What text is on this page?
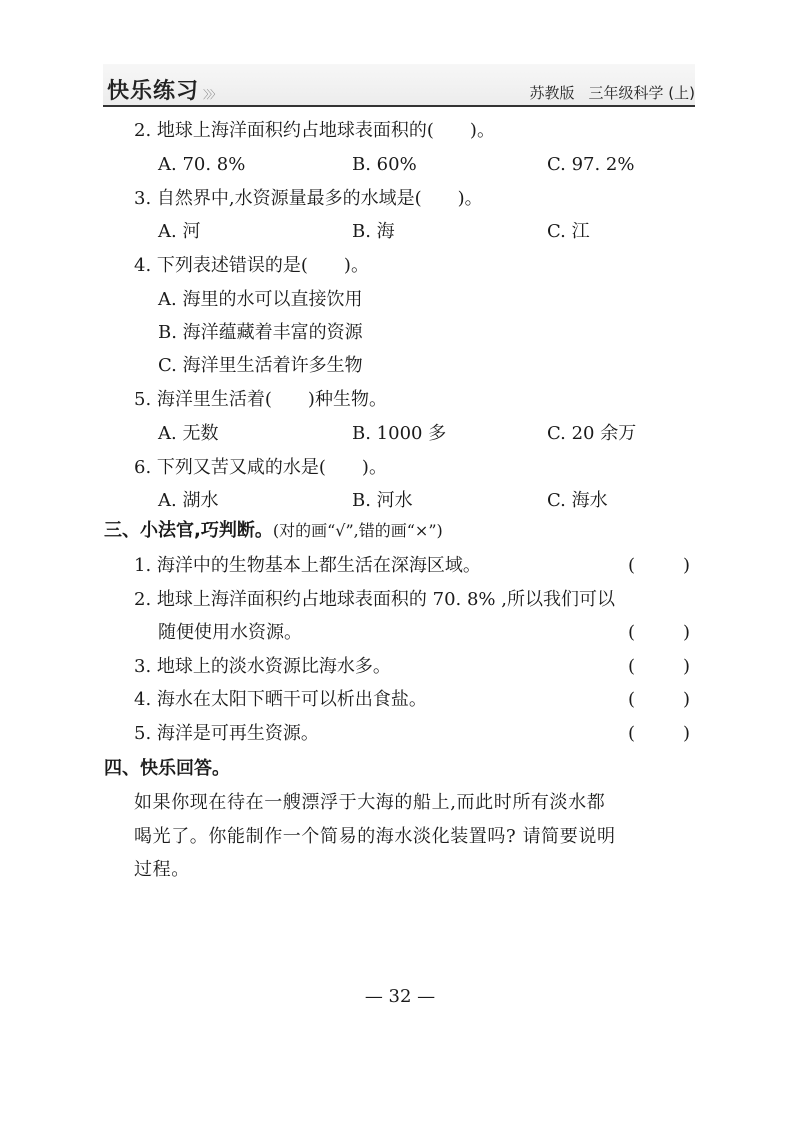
快乐练习 〉〉〉	苏教版 三年级科学 (上)
2. 地球上海洋面积约占地球表面积的(　　)。
A. 70. 8%	B. 60%	C. 97. 2%
3. 自然界中,水资源量最多的水域是(　　)。
A. 河	B. 海	C. 江
4. 下列表述错误的是(　　)。
A. 海里的水可以直接饮用
B. 海洋蕴藏着丰富的资源
C. 海洋里生活着许多生物
5. 海洋里生活着(　　)种生物。
A. 无数	B. 1000 多	C. 20 余万
6. 下列又苦又咸的水是(　　)。
A. 湖水	B. 河水	C. 海水
三、小法官,巧判断。(对的画“√”,错的画“×”)
1. 海洋中的生物基本上都生活在深海区域。	(	)
2. 地球上海洋面积约占地球表面积的 70. 8% ,所以我们可以
随便使用水资源。	(	)
3. 地球上的淡水资源比海水多。	(	)
4. 海水在太阳下晒干可以析出食盐。	(	)
5. 海洋是可再生资源。	(	)
四、快乐回答。
如果你现在待在一艘漂浮于大海的船上,而此时所有淡水都
喝光了。你能制作一个简易的海水淡化装置吗? 请简要说明
过程。
— 32 —
